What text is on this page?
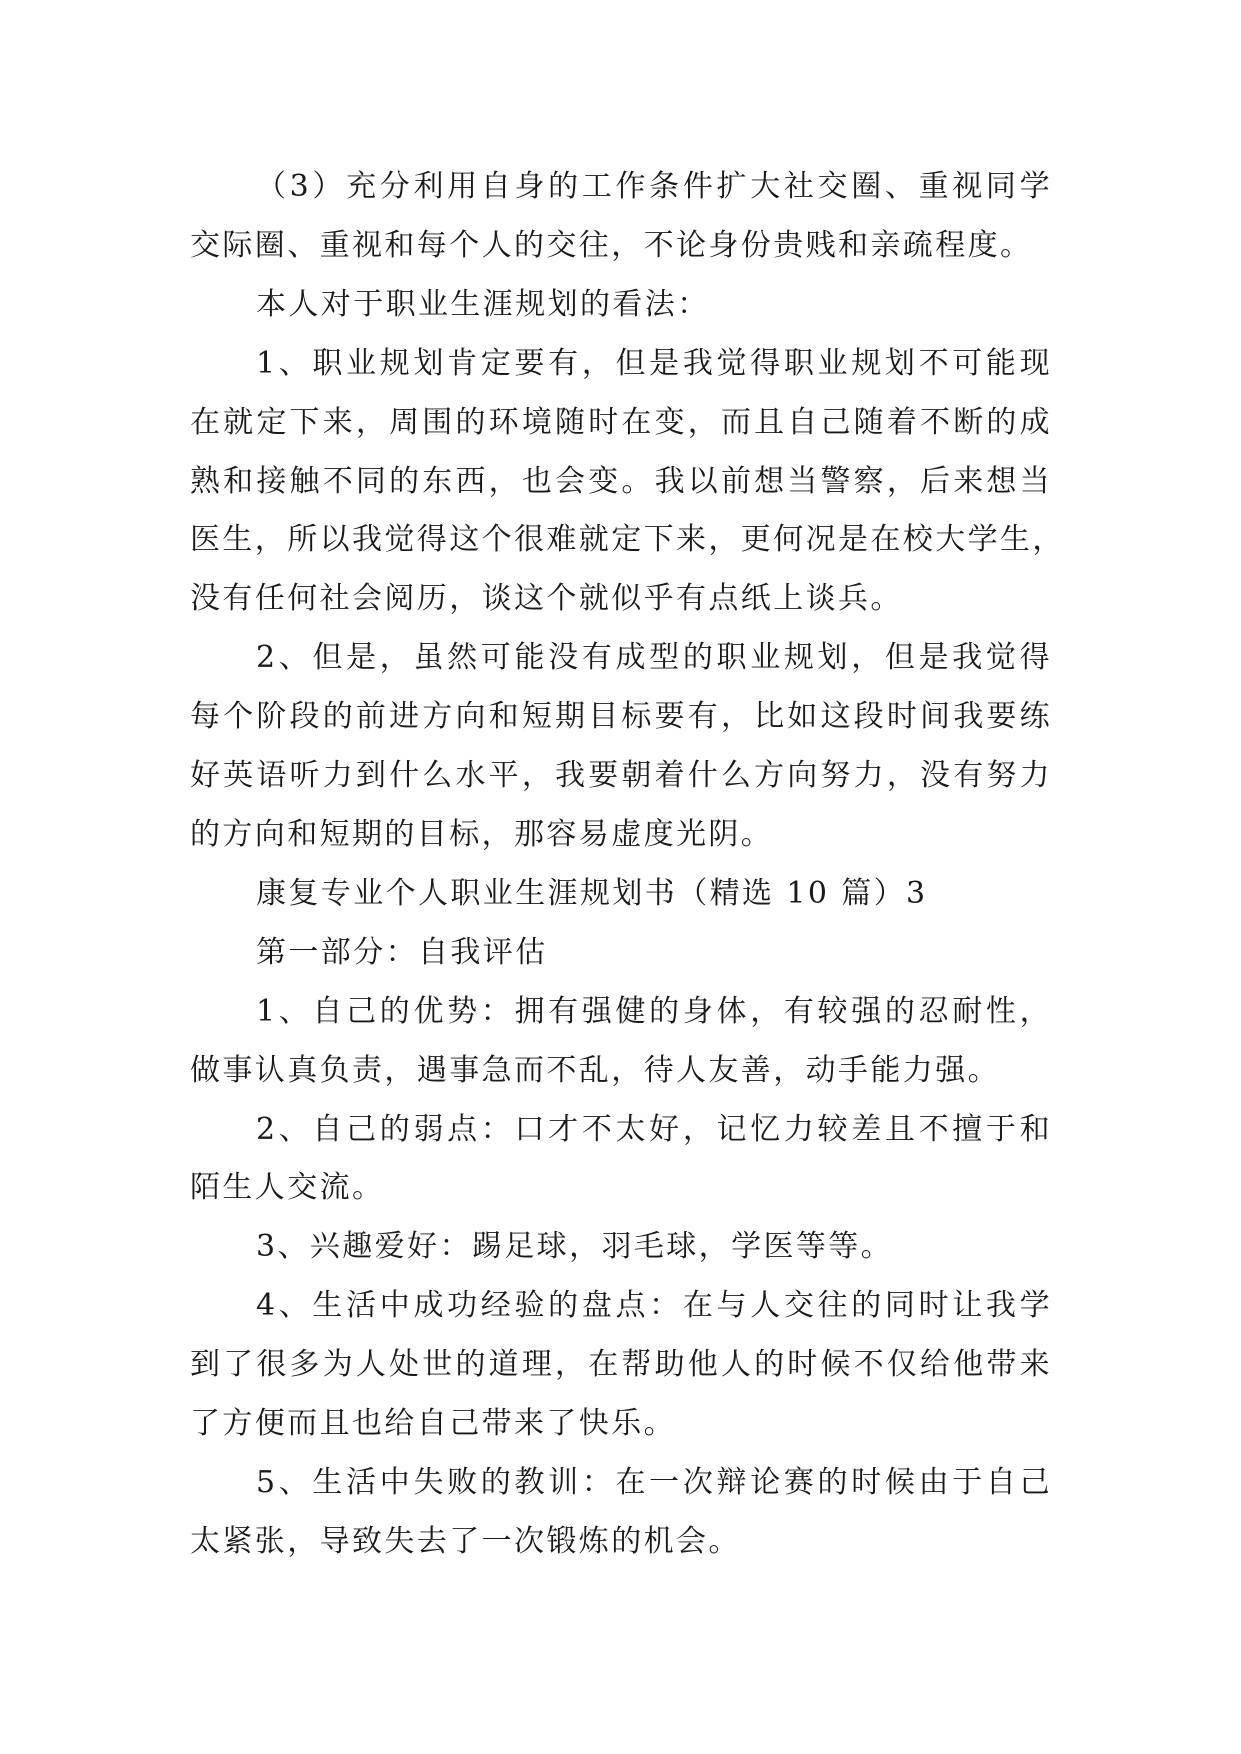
（3）充分利用自身的工作条件扩大社交圈、重视同学
交际圈、重视和每个人的交往，不论身份贵贱和亲疏程度。
本人对于职业生涯规划的看法：
1、职业规划肯定要有，但是我觉得职业规划不可能现
在就定下来，周围的环境随时在变，而且自己随着不断的成
熟和接触不同的东西，也会变。我以前想当警察，后来想当
医生，所以我觉得这个很难就定下来，更何况是在校大学生，
没有任何社会阅历，谈这个就似乎有点纸上谈兵。
2、但是，虽然可能没有成型的职业规划，但是我觉得
每个阶段的前进方向和短期目标要有，比如这段时间我要练
好英语听力到什么水平，我要朝着什么方向努力，没有努力
的方向和短期的目标，那容易虚度光阴。
康复专业个人职业生涯规划书（精选 10 篇）3
第一部分：自我评估
1、自己的优势：拥有强健的身体，有较强的忍耐性，
做事认真负责，遇事急而不乱，待人友善，动手能力强。
2、自己的弱点：口才不太好，记忆力较差且不擅于和
陌生人交流。
3、兴趣爱好：踢足球，羽毛球，学医等等。
4、生活中成功经验的盘点：在与人交往的同时让我学
到了很多为人处世的道理，在帮助他人的时候不仅给他带来
了方便而且也给自己带来了快乐。
5、生活中失败的教训：在一次辩论赛的时候由于自己
太紧张，导致失去了一次锻炼的机会。
